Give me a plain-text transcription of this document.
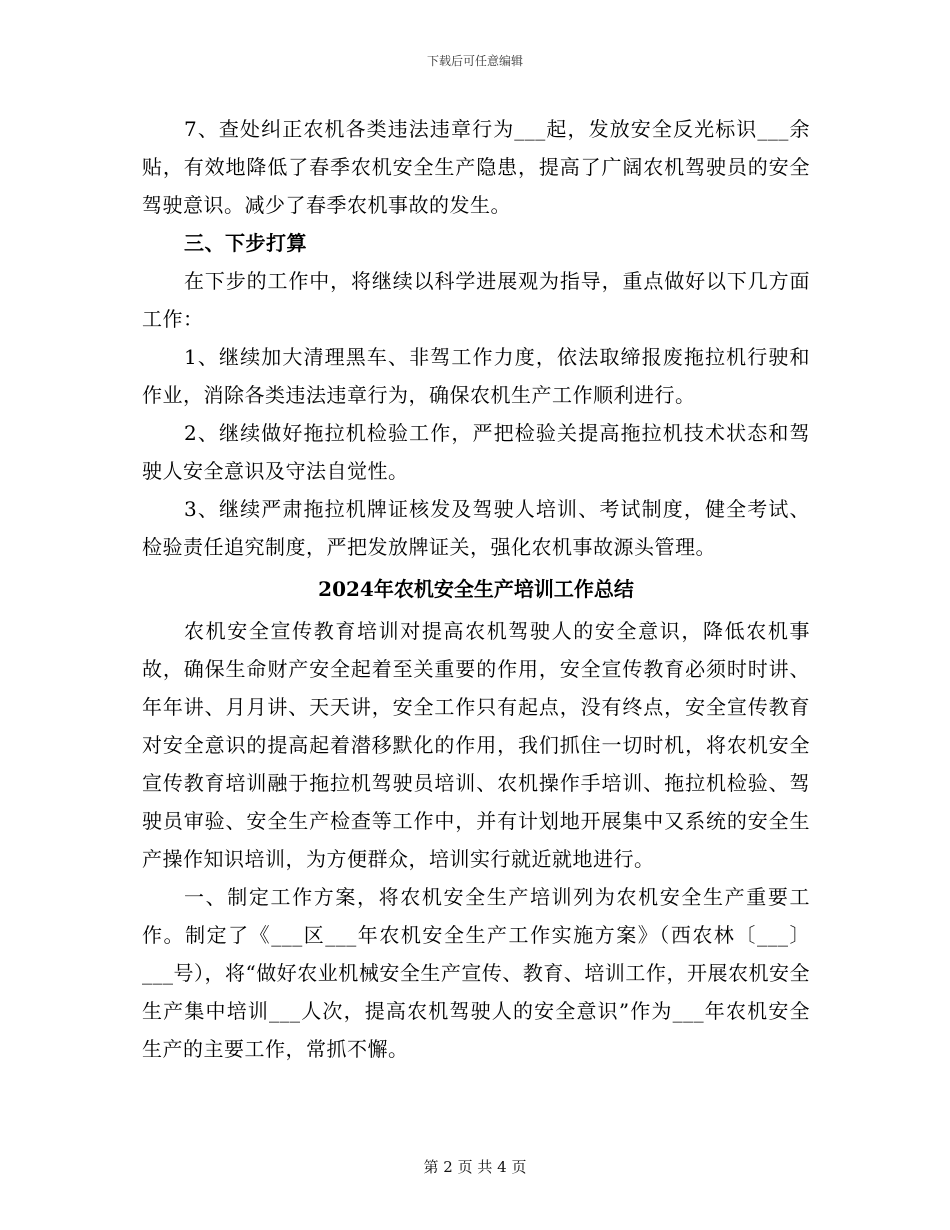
下载后可任意编辑

7、查处纠正农机各类违法违章行为___起，发放安全反光标识___余贴，有效地降低了春季农机安全生产隐患，提高了广阔农机驾驶员的安全驾驶意识。减少了春季农机事故的发生。

三、下步打算

在下步的工作中，将继续以科学进展观为指导，重点做好以下几方面工作：

1、继续加大清理黑车、非驾工作力度，依法取缔报废拖拉机行驶和作业，消除各类违法违章行为，确保农机生产工作顺利进行。

2、继续做好拖拉机检验工作，严把检验关提高拖拉机技术状态和驾驶人安全意识及守法自觉性。

3、继续严肃拖拉机牌证核发及驾驶人培训、考试制度，健全考试、检验责任追究制度，严把发放牌证关，强化农机事故源头管理。

2024年农机安全生产培训工作总结

农机安全宣传教育培训对提高农机驾驶人的安全意识，降低农机事故，确保生命财产安全起着至关重要的作用，安全宣传教育必须时时讲、年年讲、月月讲、天天讲，安全工作只有起点，没有终点，安全宣传教育对安全意识的提高起着潜移默化的作用，我们抓住一切时机，将农机安全宣传教育培训融于拖拉机驾驶员培训、农机操作手培训、拖拉机检验、驾驶员审验、安全生产检查等工作中，并有计划地开展集中又系统的安全生产操作知识培训，为方便群众，培训实行就近就地进行。

一、制定工作方案，将农机安全生产培训列为农机安全生产重要工作。制定了《___区___年农机安全生产工作实施方案》（西农林〔___〕___号），将“做好农业机械安全生产宣传、教育、培训工作，开展农机安全生产集中培训___人次，提高农机驾驶人的安全意识”作为___年农机安全生产的主要工作，常抓不懈。

第 2 页 共 4 页
